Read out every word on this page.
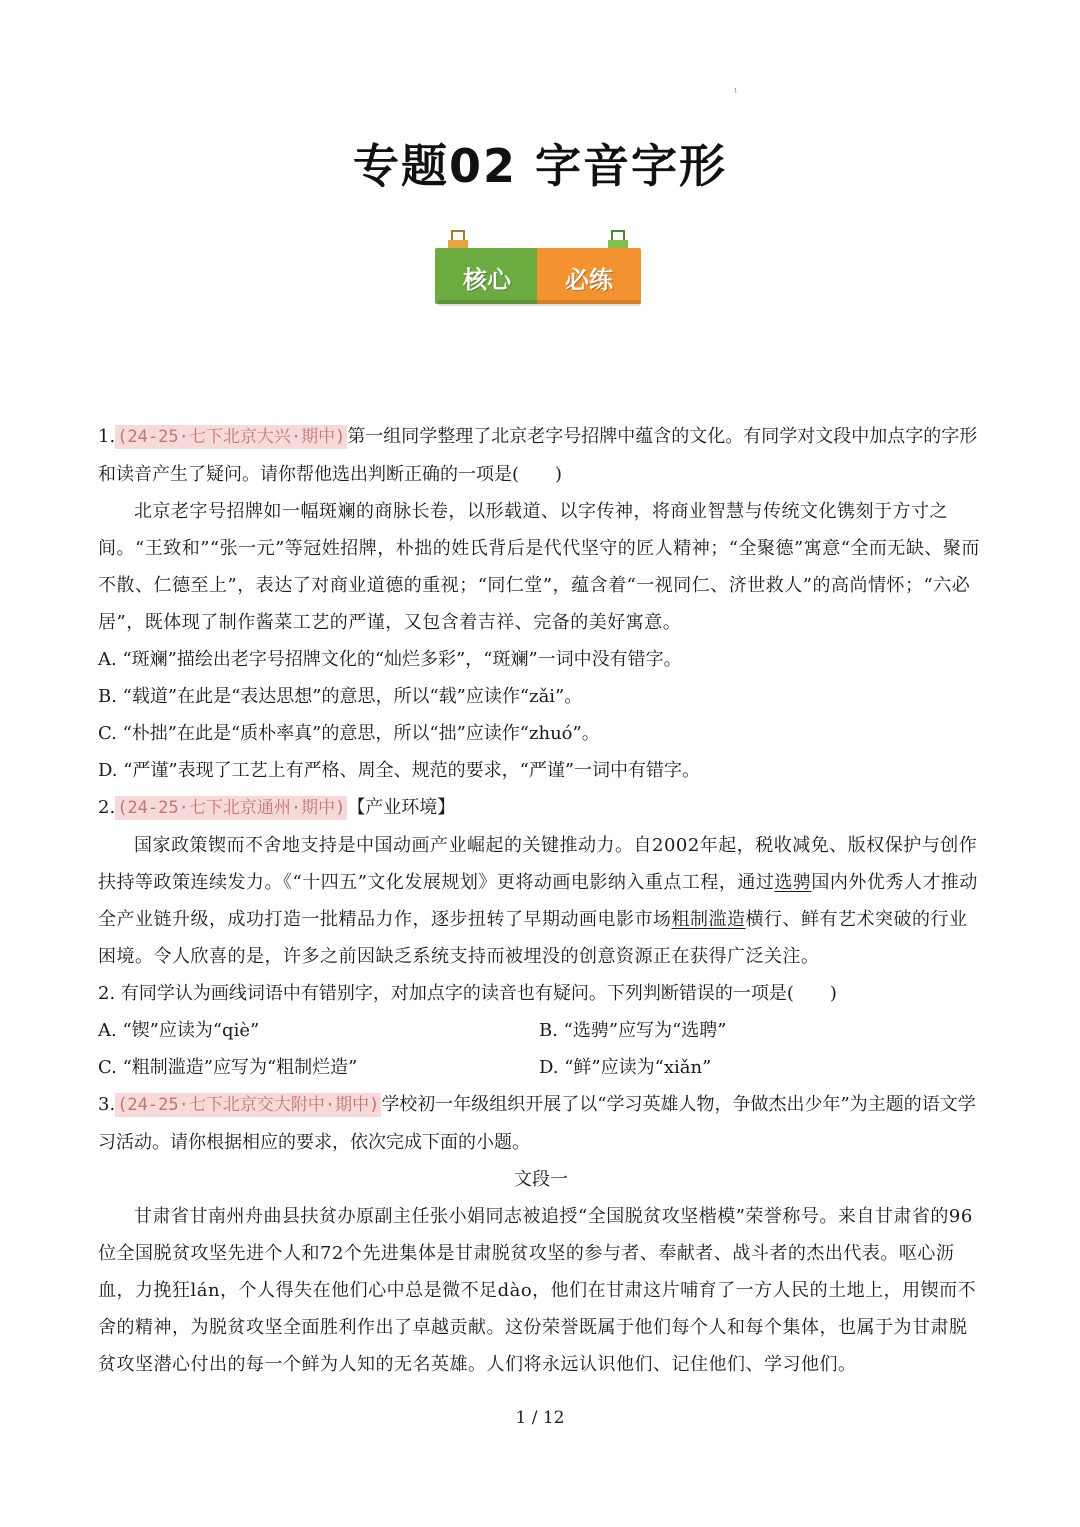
ι
专题02 字音字形
核心	必练

1. (24-25·七下北京大兴·期中) 第一组同学整理了北京老字号招牌中蕴含的文化。有同学对文段中加点字的字形和读音产生了疑问。请你帮他选出判断正确的一项是(　　)

北京老字号招牌如一幅斑斓的商脉长卷，以形载道、以字传神，将商业智慧与传统文化镌刻于方寸之间。“王致和”“张一元”等冠姓招牌，朴拙的姓氏背后是代代坚守的匠人精神；“全聚德”寓意“全而无缺、聚而不散、仁德至上”，表达了对商业道德的重视；“同仁堂”，蕴含着“一视同仁、济世救人”的高尚情怀；“六必居”，既体现了制作酱菜工艺的严谨，又包含着吉祥、完备的美好寓意。

A. “斑斓”描绘出老字号招牌文化的“灿烂多彩”，“斑斓”一词中没有错字。

B. “载道”在此是“表达思想”的意思，所以“载”应读作“zǎi”。

C. “朴拙”在此是“质朴率真”的意思，所以“拙”应读作“zhuó”。

D. “严谨”表现了工艺上有严格、周全、规范的要求，“严谨”一词中有错字。

2. (24-25·七下北京通州·期中) 【产业环境】

国家政策锲而不舍地支持是中国动画产业崛起的关键推动力。自2002年起，税收减免、版权保护与创作扶持等政策连续发力。《“十四五”文化发展规划》更将动画电影纳入重点工程，通过选骋国内外优秀人才推动全产业链升级，成功打造一批精品力作，逐步扭转了早期动画电影市场粗制滥造横行、鲜有艺术突破的行业困境。令人欣喜的是，许多之前因缺乏系统支持而被埋没的创意资源正在获得广泛关注。

2. 有同学认为画线词语中有错别字，对加点字的读音也有疑问。下列判断错误的一项是(　　)

A. “锲”应读为“qiè”	B. “选骋”应写为“选聘”
C. “粗制滥造”应写为“粗制烂造”	D. “鲜”应读为“xiǎn”

3. (24-25·七下北京交大附中·期中) 学校初一年级组织开展了以“学习英雄人物，争做杰出少年”为主题的语文学习活动。请你根据相应的要求，依次完成下面的小题。

文段一

甘肃省甘南州舟曲县扶贫办原副主任张小娟同志被追授“全国脱贫攻坚楷模”荣誉称号。来自甘肃省的96位全国脱贫攻坚先进个人和72个先进集体是甘肃脱贫攻坚的参与者、奉献者、战斗者的杰出代表。呕心沥血，力挽狂lán，个人得失在他们心中总是微不足dào，他们在甘肃这片哺育了一方人民的土地上，用锲而不舍的精神，为脱贫攻坚全面胜利作出了卓越贡献。这份荣誉既属于他们每个人和每个集体，也属于为甘肃脱贫攻坚潜心付出的每一个鲜为人知的无名英雄。人们将永远认识他们、记住他们、学习他们。

1 / 12
